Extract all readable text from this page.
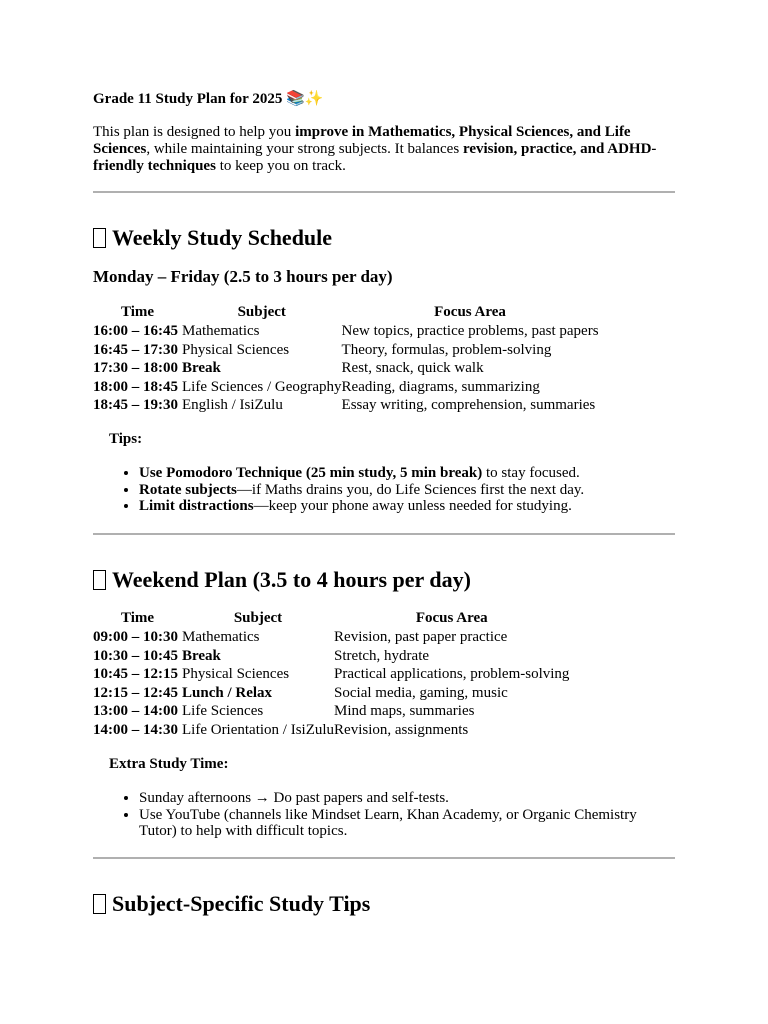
Grade 11 Study Plan for 2025 📚✨

This plan is designed to help you improve in Mathematics, Physical Sciences, and Life Sciences, while maintaining your strong subjects. It balances revision, practice, and ADHD-friendly techniques to keep you on track.

Weekly Study Schedule

Monday – Friday (2.5 to 3 hours per day)

Time	Subject	Focus Area
16:00 – 16:45	Mathematics	New topics, practice problems, past papers
16:45 – 17:30	Physical Sciences	Theory, formulas, problem-solving
17:30 – 18:00	Break	Rest, snack, quick walk
18:00 – 18:45	Life Sciences / Geography	Reading, diagrams, summarizing
18:45 – 19:30	English / IsiZulu	Essay writing, comprehension, summaries

Tips:

• Use Pomodoro Technique (25 min study, 5 min break) to stay focused.
• Rotate subjects—if Maths drains you, do Life Sciences first the next day.
• Limit distractions—keep your phone away unless needed for studying.

Weekend Plan (3.5 to 4 hours per day)

Time	Subject	Focus Area
09:00 – 10:30	Mathematics	Revision, past paper practice
10:30 – 10:45	Break	Stretch, hydrate
10:45 – 12:15	Physical Sciences	Practical applications, problem-solving
12:15 – 12:45	Lunch / Relax	Social media, gaming, music
13:00 – 14:00	Life Sciences	Mind maps, summaries
14:00 – 14:30	Life Orientation / IsiZulu	Revision, assignments

Extra Study Time:

• Sunday afternoons → Do past papers and self-tests.
• Use YouTube (channels like Mindset Learn, Khan Academy, or Organic Chemistry Tutor) to help with difficult topics.

Subject-Specific Study Tips
